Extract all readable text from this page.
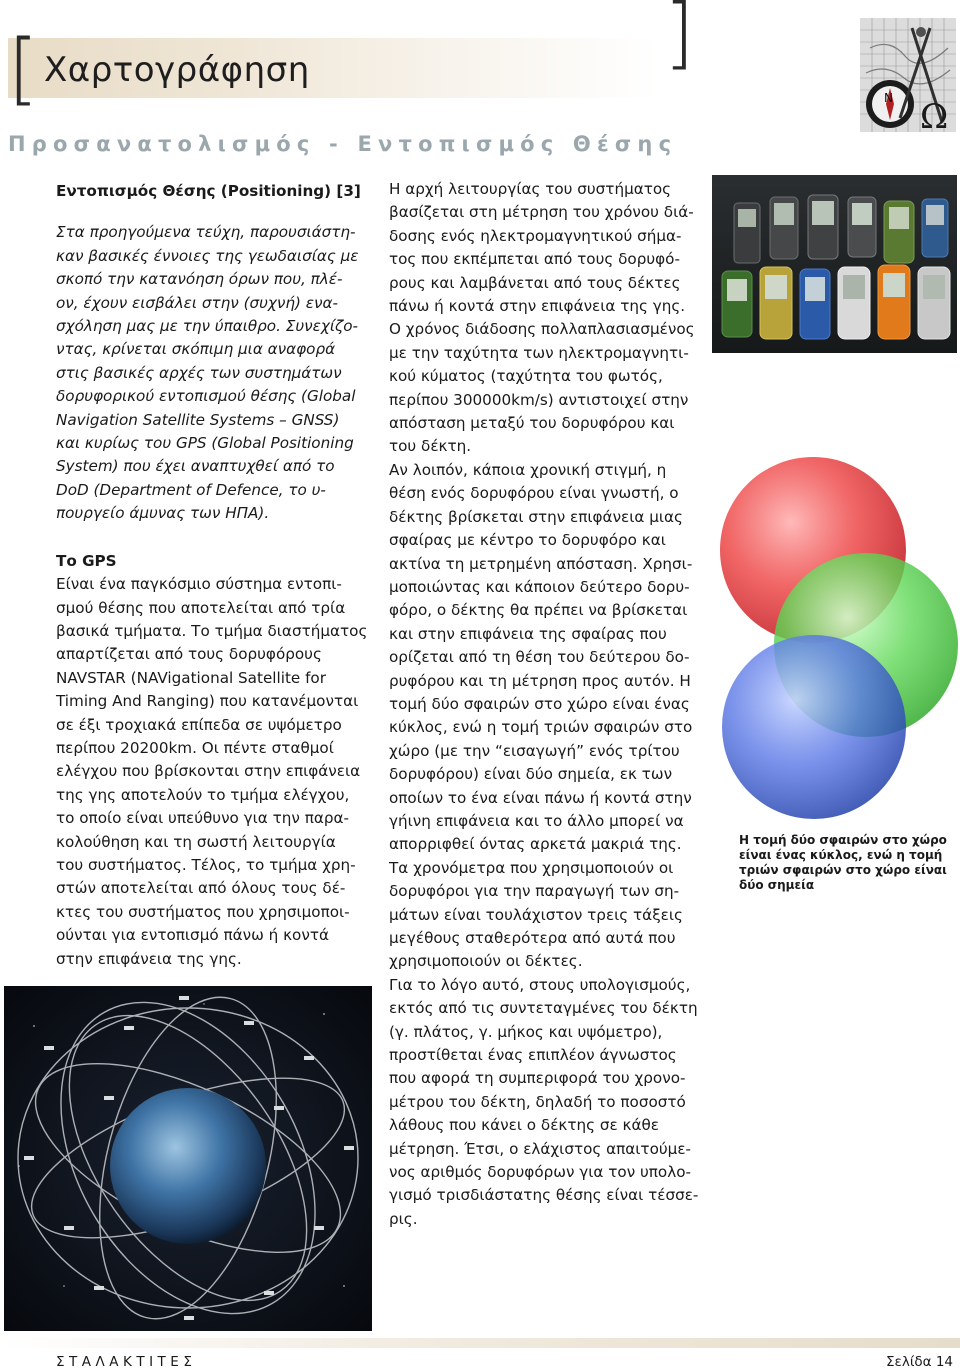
[	]
Χαρτογράφηση
Προσανατολισμός - Εντοπισμός Θέσης
N Ω

Εντοπισμός Θέσης (Positioning) [3]

Στα προηγούμενα τεύχη, παρουσιάστη-

καν βασικές έννοιες της γεωδαισίας με

σκοπό την κατανόηση όρων που, πλέ-

ον, έχουν εισβάλει στην (συχνή) ενα-

σχόληση μας με την ύπαιθρο. Συνεχίζο-

ντας, κρίνεται σκόπιμη μια αναφορά

στις βασικές αρχές των συστημάτων

δορυφορικού εντοπισμού θέσης (Global

Navigation Satellite Systems – GNSS)

και κυρίως του GPS (Global Positioning

System) που έχει αναπτυχθεί από το

DoD (Department of Defence, το υ-

πουργείο άμυνας των ΗΠΑ).

Το GPS

Είναι ένα παγκόσμιο σύστημα εντοπι-

σμού θέσης που αποτελείται από τρία

βασικά τμήματα. Το τμήμα διαστήματος

απαρτίζεται από τους δορυφόρους

NAVSTAR (NAVigational Satellite for

Timing And Ranging) που κατανέμονται

σε έξι τροχιακά επίπεδα σε υψόμετρο

περίπου 20200km. Οι πέντε σταθμοί

ελέγχου που βρίσκονται στην επιφάνεια

της γης αποτελούν το τμήμα ελέγχου,

το οποίο είναι υπεύθυνο για την παρα-

κολούθηση και τη σωστή λειτουργία

του συστήματος. Τέλος, το τμήμα χρη-

στών αποτελείται από όλους τους δέ-

κτες του συστήματος που χρησιμοποι-

ούνται για εντοπισμό πάνω ή κοντά

στην επιφάνεια της γης.

Η αρχή λειτουργίας του συστήματος

βασίζεται στη μέτρηση του χρόνου διά-

δοσης ενός ηλεκτρομαγνητικού σήμα-

τος που εκπέμπεται από τους δορυφό-

ρους και λαμβάνεται από τους δέκτες

πάνω ή κοντά στην επιφάνεια της γης.

Ο χρόνος διάδοσης πολλαπλασιασμένος

με την ταχύτητα των ηλεκτρομαγνητι-

κού κύματος (ταχύτητα του φωτός,

περίπου 300000km/s) αντιστοιχεί στην

απόσταση μεταξύ του δορυφόρου και

του δέκτη.

Αν λοιπόν, κάποια χρονική στιγμή, η

θέση ενός δορυφόρου είναι γνωστή, ο

δέκτης βρίσκεται στην επιφάνεια μιας

σφαίρας με κέντρο το δορυφόρο και

ακτίνα τη μετρημένη απόσταση. Χρησι-

μοποιώντας και κάποιον δεύτερο δορυ-

φόρο, ο δέκτης θα πρέπει να βρίσκεται

και στην επιφάνεια της σφαίρας που

ορίζεται από τη θέση του δεύτερου δο-

ρυφόρου και τη μέτρηση προς αυτόν. Η

τομή δύο σφαιρών στο χώρο είναι ένας

κύκλος, ενώ η τομή τριών σφαιρών στο

χώρο (με την “εισαγωγή” ενός τρίτου

δορυφόρου) είναι δύο σημεία, εκ των

οποίων το ένα είναι πάνω ή κοντά στην

γήινη επιφάνεια και το άλλο μπορεί να

απορριφθεί όντας αρκετά μακριά της.

Τα χρονόμετρα που χρησιμοποιούν οι

δορυφόροι για την παραγωγή των ση-

μάτων είναι τουλάχιστον τρεις τάξεις

μεγέθους σταθερότερα από αυτά που

χρησιμοποιούν οι δέκτες.

Για το λόγο αυτό, στους υπολογισμούς,

εκτός από τις συντεταγμένες του δέκτη

(γ. πλάτος, γ. μήκος και υψόμετρο),

προστίθεται ένας επιπλέον άγνωστος

που αφορά τη συμπεριφορά του χρονο-

μέτρου του δέκτη, δηλαδή το ποσοστό

λάθους που κάνει ο δέκτης σε κάθε

μέτρηση. Έτσι, ο ελάχιστος απαιτούμε-

νος αριθμός δορυφόρων για τον υπολο-

γισμό τρισδιάστατης θέσης είναι τέσσε-

ρις.

Η τομή δύο σφαιρών στο χώρο είναι ένας κύκλος, ενώ η τομή τριών σφαιρών στο χώρο είναι δύο σημεία
ΣΤΑΛΑΚΤΙΤΕΣ	Σελίδα 14
